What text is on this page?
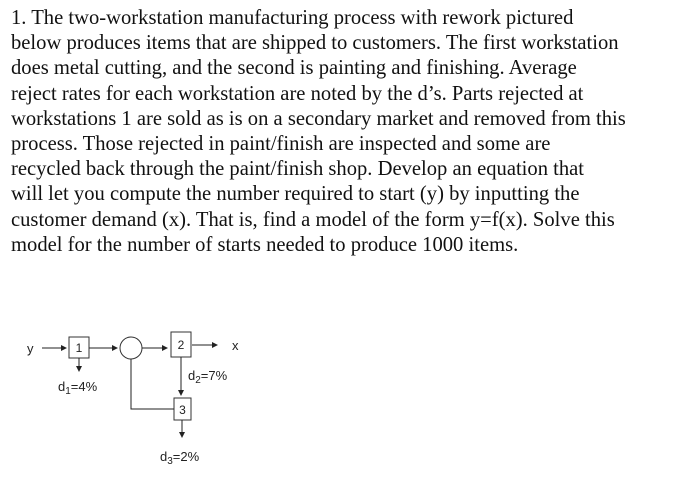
1. The two-workstation manufacturing process with rework pictured
below produces items that are shipped to customers. The first workstation
does metal cutting, and the second is painting and finishing. Average
reject rates for each workstation are noted by the d’s. Parts rejected at
workstations 1 are sold as is on a secondary market and removed from this
process. Those rejected in paint/finish are inspected and some are
recycled back through the paint/finish shop. Develop an equation that
will let you compute the number required to start (y) by inputting the
customer demand (x). That is, find a model of the form y=f(x). Solve this
model for the number of starts needed to produce 1000 items.
y	1
$d_1=4\%$
2	x
$d_2=7\%$
3
$d_3=2\%$
